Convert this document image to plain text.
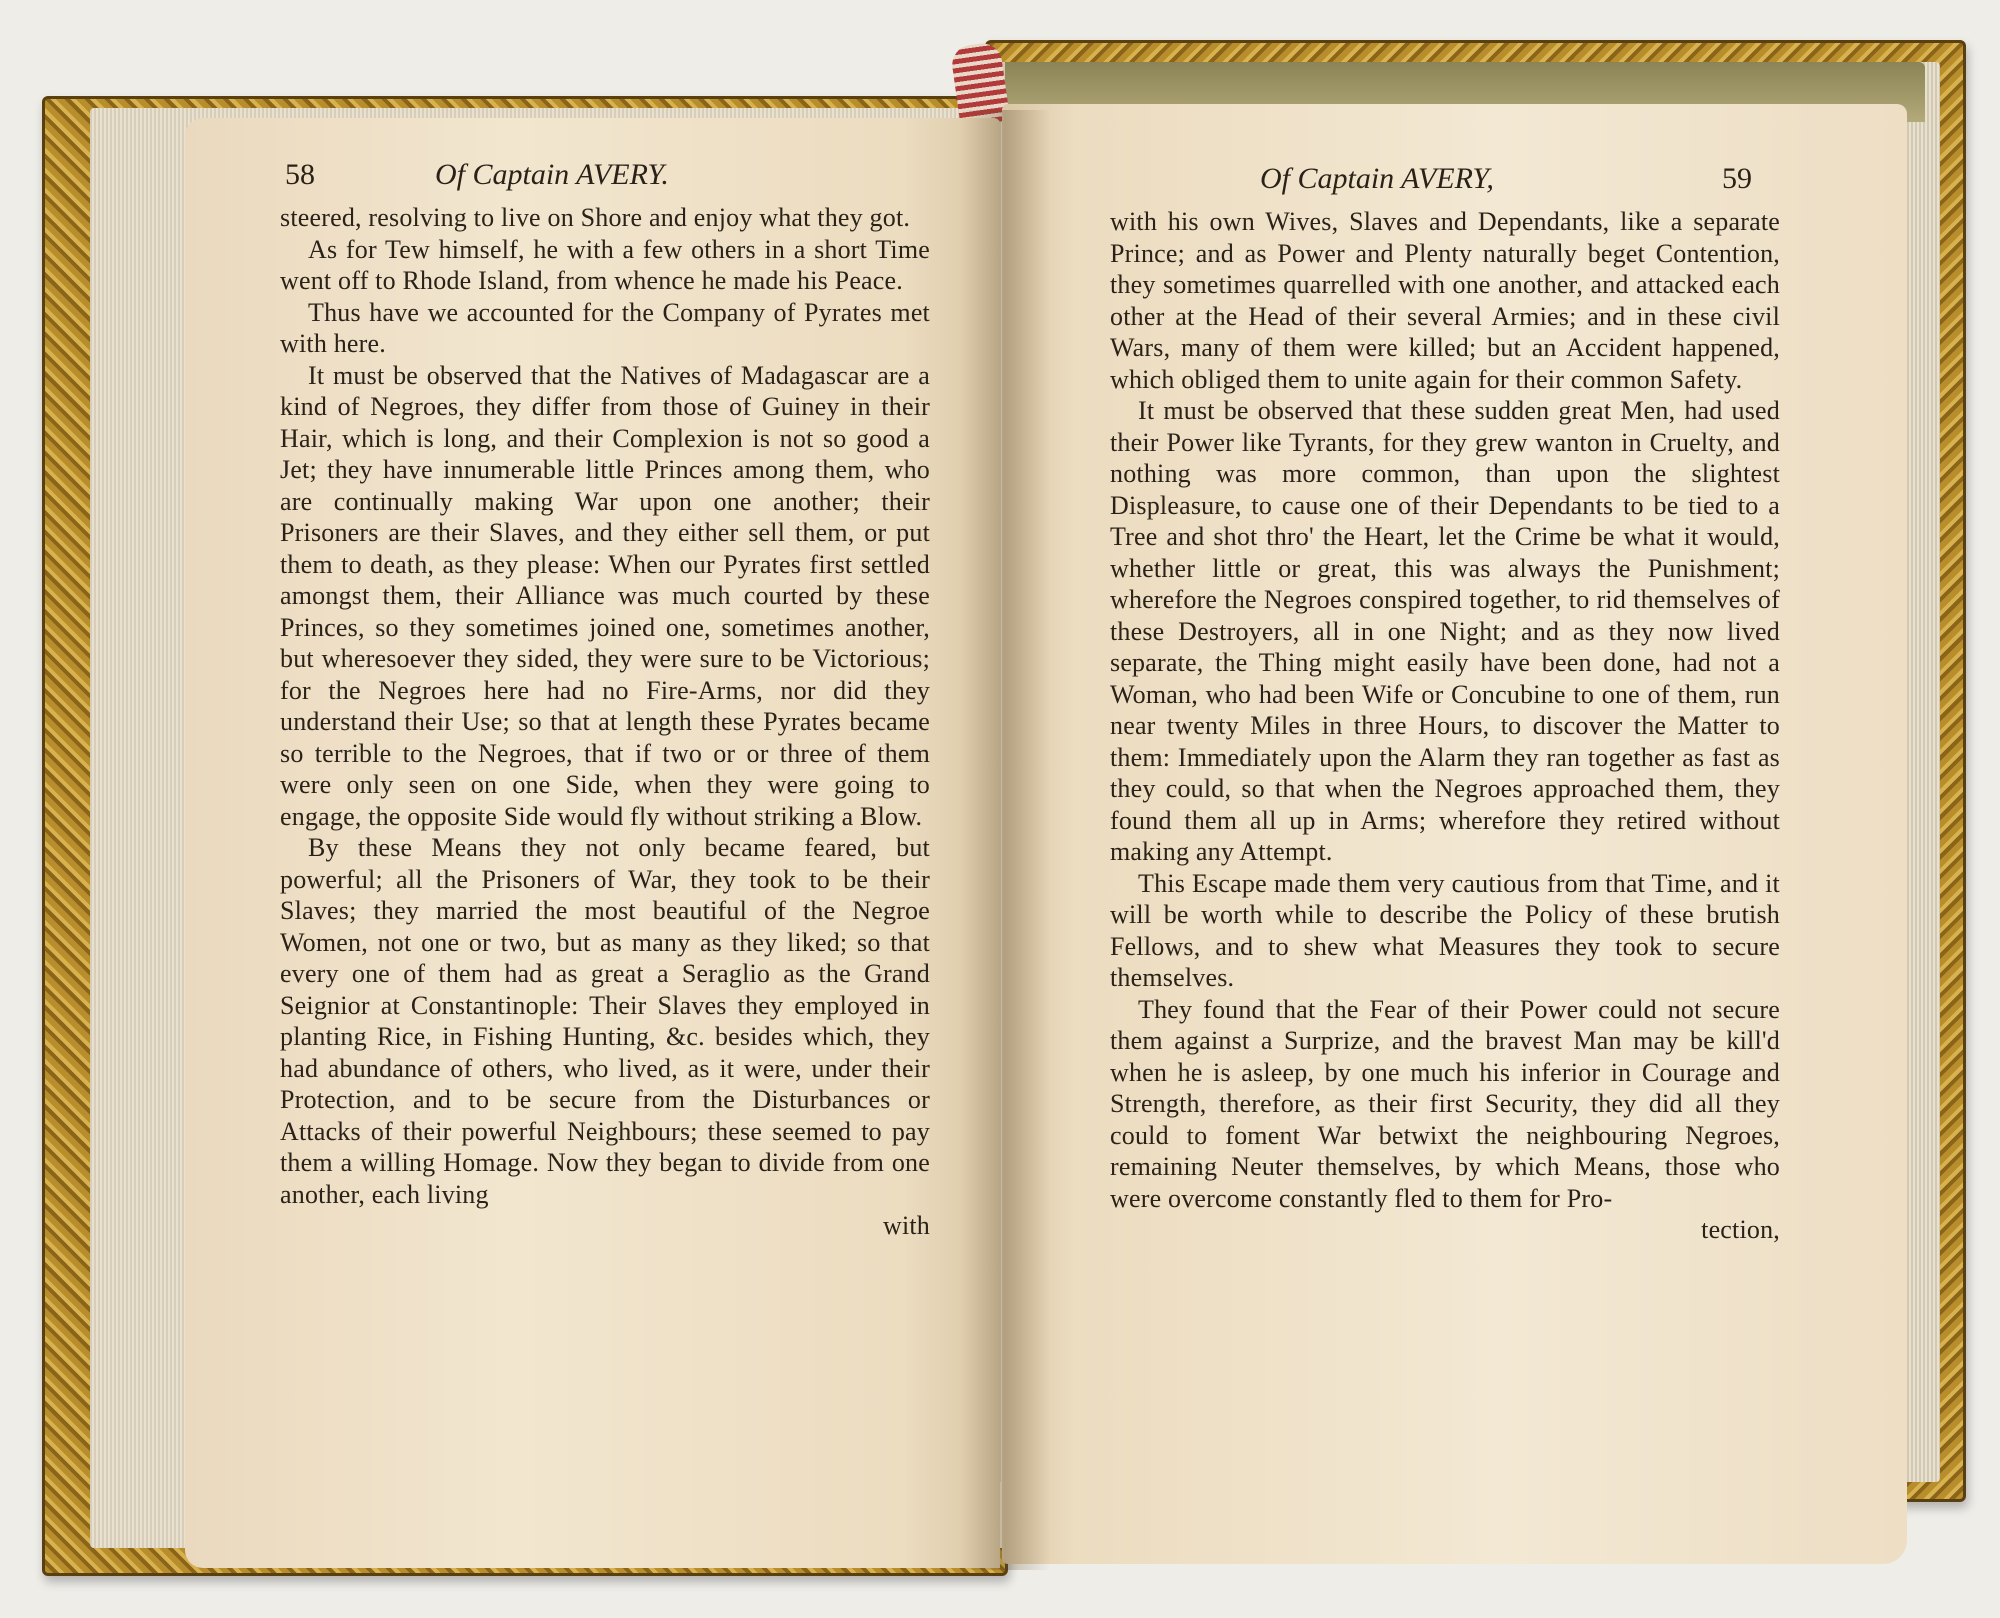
58	Of Captain AVERY.

steered, resolving to live on Shore and enjoy what they got.

As for Tew himself, he with a few others in a short Time went off to Rhode Island, from whence he made his Peace.

Thus have we accounted for the Company of Pyrates met with here.

It must be observed that the Natives of Madagascar are a kind of Negroes, they differ from those of Guiney in their Hair, which is long, and their Complexion is not so good a Jet; they have innumerable little Princes among them, who are continually making War upon one another; their Prisoners are their Slaves, and they either sell them, or put them to death, as they please: When our Pyrates first settled amongst them, their Alliance was much courted by these Princes, so they sometimes joined one, sometimes another, but wheresoever they sided, they were sure to be Victorious; for the Negroes here had no Fire-Arms, nor did they understand their Use; so that at length these Pyrates became so terrible to the Negroes, that if two or or three of them were only seen on one Side, when they were going to engage, the opposite Side would fly without striking a Blow.

By these Means they not only became feared, but powerful; all the Prisoners of War, they took to be their Slaves; they married the most beautiful of the Negroe Women, not one or two, but as many as they liked; so that every one of them had as great a Seraglio as the Grand Seignior at Constantinople: Their Slaves they employed in planting Rice, in Fishing Hunting, &c. besides which, they had abundance of others, who lived, as it were, under their Protection, and to be secure from the Disturbances or Attacks of their powerful Neighbours; these seemed to pay them a willing Homage. Now they began to divide from one another, each living

with

Of Captain AVERY,	59

with his own Wives, Slaves and Dependants, like a separate Prince; and as Power and Plenty naturally beget Contention, they sometimes quarrelled with one another, and attacked each other at the Head of their several Armies; and in these civil Wars, many of them were killed; but an Accident happened, which obliged them to unite again for their common Safety.

It must be observed that these sudden great Men, had used their Power like Tyrants, for they grew wanton in Cruelty, and nothing was more common, than upon the slightest Displeasure, to cause one of their Dependants to be tied to a Tree and shot thro' the Heart, let the Crime be what it would, whether little or great, this was always the Punishment; wherefore the Negroes conspired together, to rid themselves of these Destroyers, all in one Night; and as they now lived separate, the Thing might easily have been done, had not a Woman, who had been Wife or Concubine to one of them, run near twenty Miles in three Hours, to discover the Matter to them: Immediately upon the Alarm they ran together as fast as they could, so that when the Negroes approached them, they found them all up in Arms; wherefore they retired without making any Attempt.

This Escape made them very cautious from that Time, and it will be worth while to describe the Policy of these brutish Fellows, and to shew what Measures they took to secure themselves.

They found that the Fear of their Power could not secure them against a Surprize, and the bravest Man may be kill'd when he is asleep, by one much his inferior in Courage and Strength, therefore, as their first Security, they did all they could to foment War betwixt the neighbouring Negroes, remaining Neuter themselves, by which Means, those who were overcome constantly fled to them for Pro-

tection,
